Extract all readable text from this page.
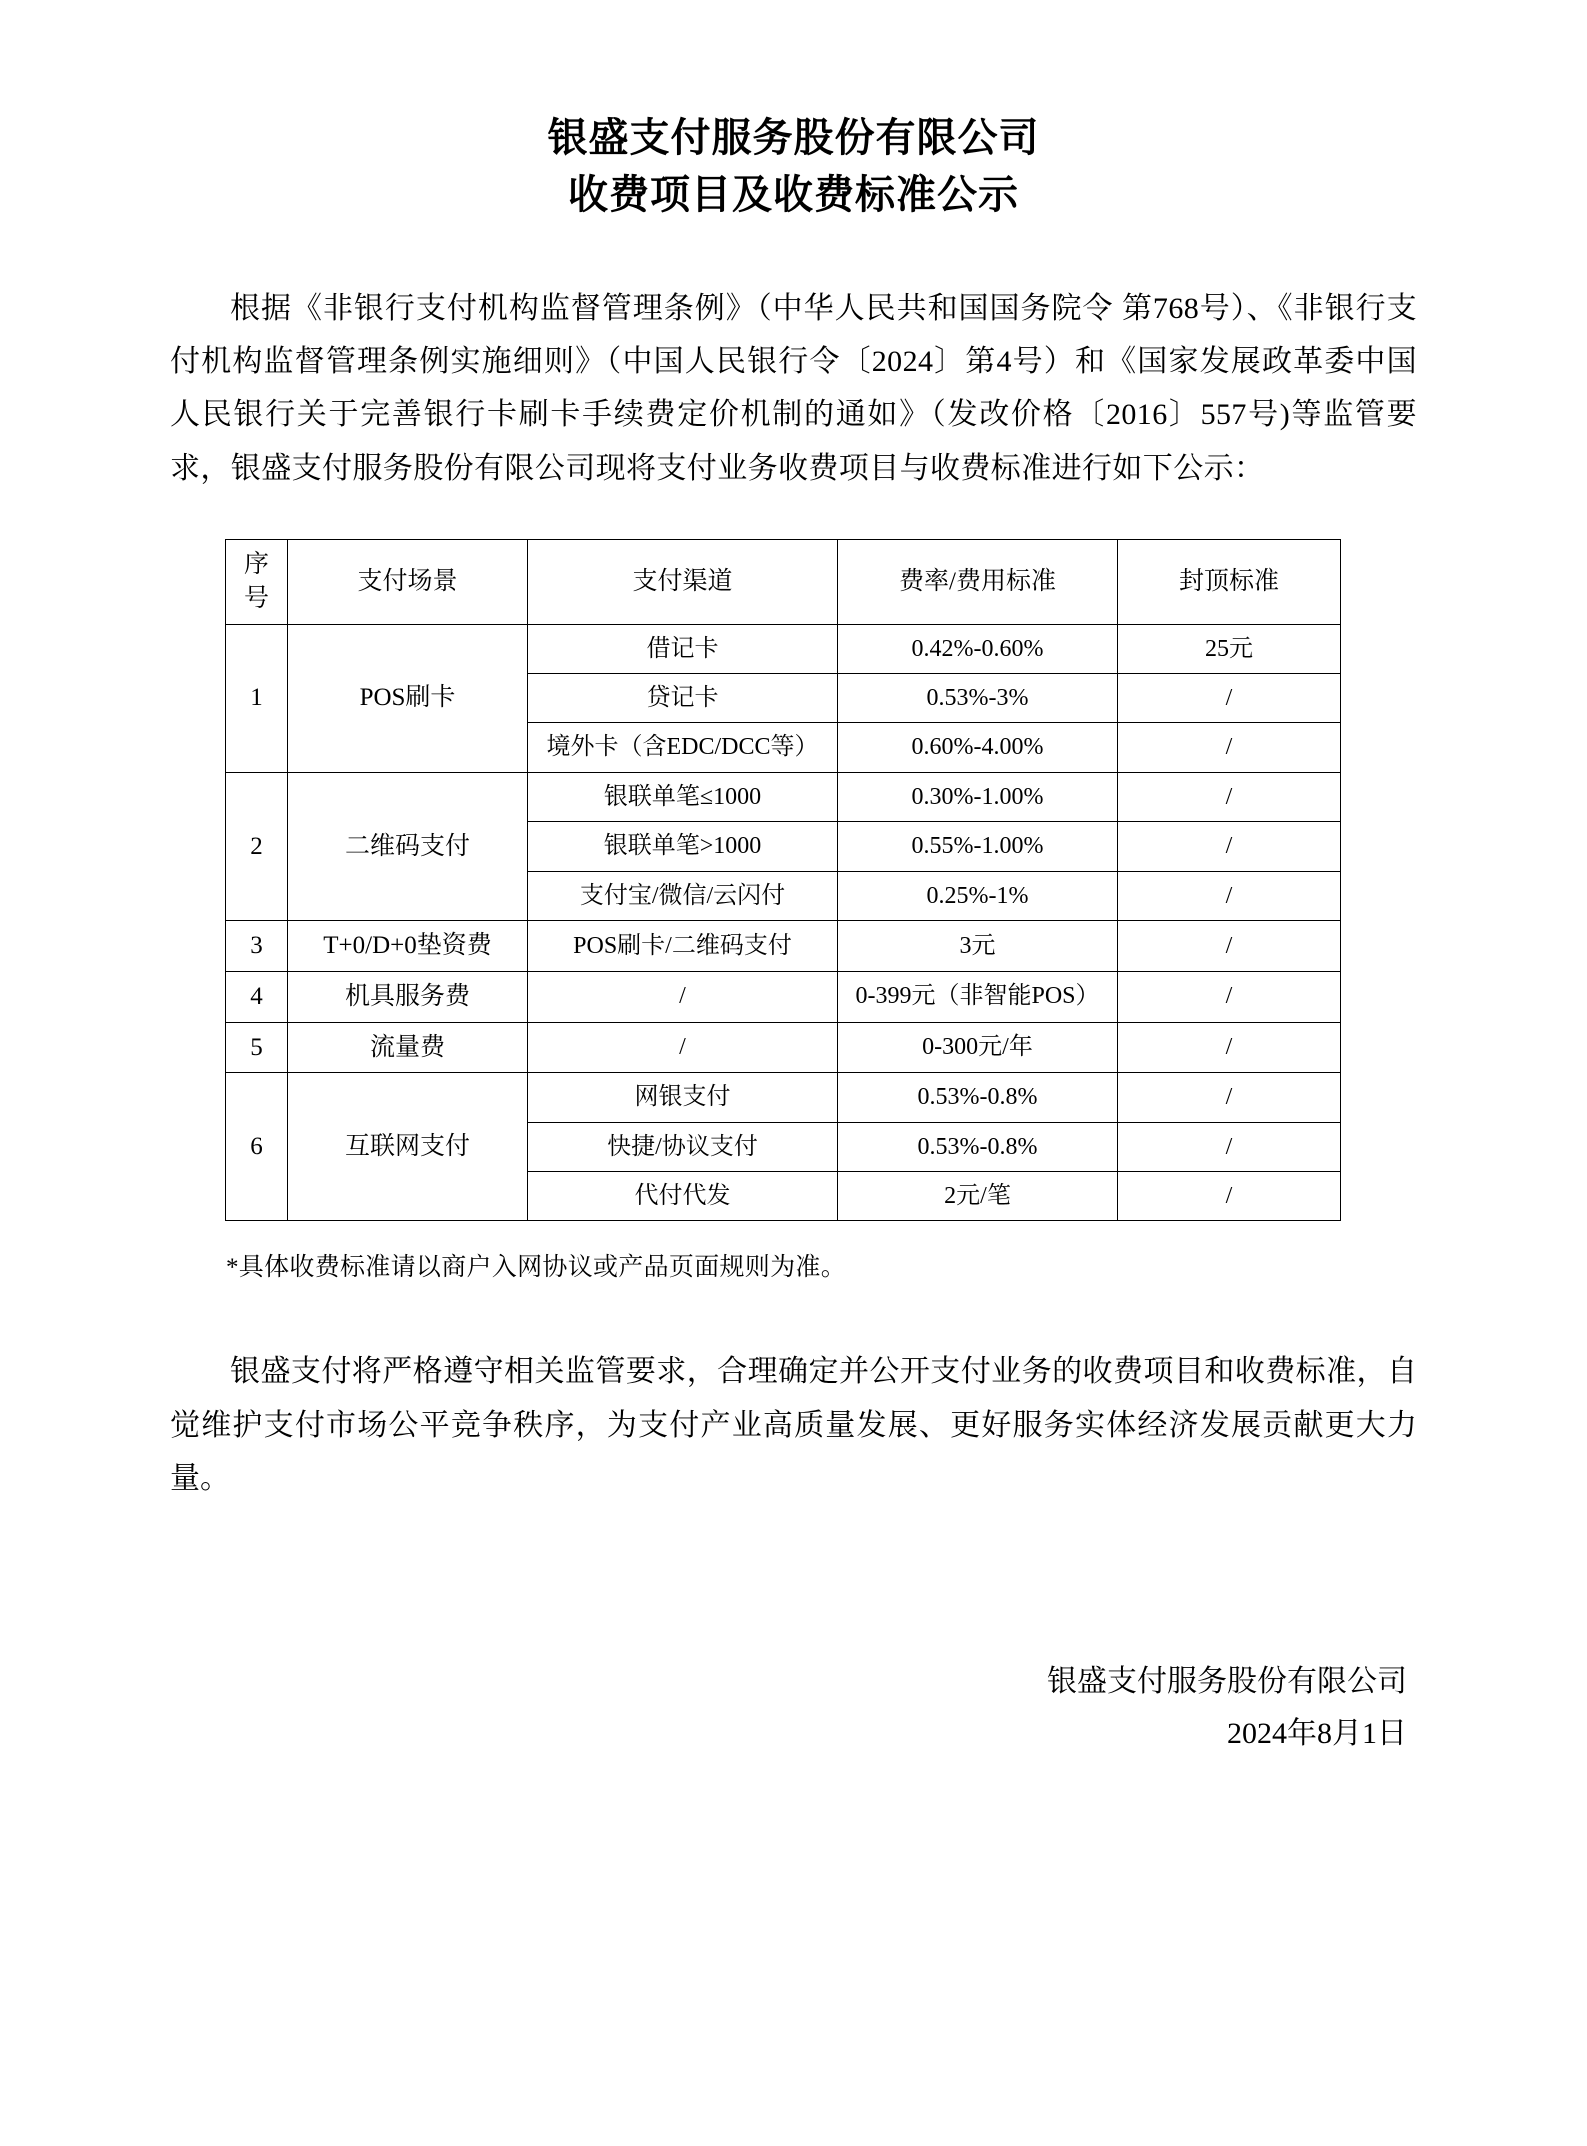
银盛支付服务股份有限公司
收费项目及收费标准公示

根据《非银行支付机构监督管理条例》（中华人民共和国国务院令 第768号）、《非银行支付机构监督管理条例实施细则》（中国人民银行令〔2024〕第4号）和《国家发展政革委中国人民银行关于完善银行卡刷卡手续费定价机制的通如》（发改价格〔2016〕557号)等监管要求，银盛支付服务股份有限公司现将支付业务收费项目与收费标准进行如下公示：

序
号	支付场景	支付渠道	费率/费用标准	封顶标准
1	POS刷卡	借记卡	0.42%-0.60%	25元
		贷记卡	0.53%-3%	/
		境外卡（含EDC/DCC等）	0.60%-4.00%	/
2	二维码支付	银联单笔≤1000	0.30%-1.00%	/
		银联单笔>1000	0.55%-1.00%	/
		支付宝/微信/云闪付	0.25%-1%	/
3	T+0/D+0垫资费	POS刷卡/二维码支付	3元	/
4	机具服务费	/	0-399元（非智能POS）	/
5	流量费	/	0-300元/年	/
6	互联网支付	网银支付	0.53%-0.8%	/
		快捷/协议支付	0.53%-0.8%	/
		代付代发	2元/笔	/
*具体收费标准请以商户入网协议或产品页面规则为准。

银盛支付将严格遵守相关监管要求，合理确定并公开支付业务的收费项目和收费标准，自觉维护支付市场公平竞争秩序，为支付产业高质量发展、更好服务实体经济发展贡献更大力量。

银盛支付服务股份有限公司
2024年8月1日
